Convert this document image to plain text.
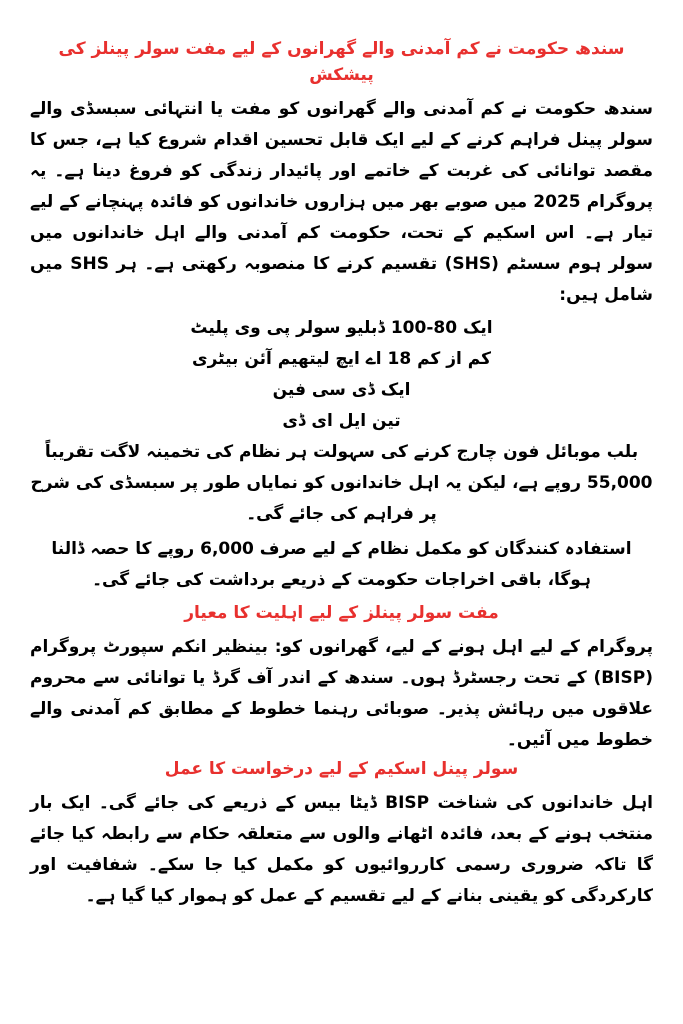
سندھ حکومت نے کم آمدنی والے گھرانوں کے لیے مفت سولر پینلز کی پیشکش

سندھ حکومت نے کم آمدنی والے گھرانوں کو مفت یا انتہائی سبسڈی والے سولر پینل فراہم کرنے کے لیے ایک قابل تحسین اقدام شروع کیا ہے، جس کا مقصد توانائی کی غربت کے خاتمے اور پائیدار زندگی کو فروغ دینا ہے۔ یہ پروگرام 2025 میں صوبے بھر میں ہزاروں خاندانوں کو فائدہ پہنچانے کے لیے تیار ہے۔ اس اسکیم کے تحت، حکومت کم آمدنی والے اہل خاندانوں میں سولر ہوم سسٹم (SHS) تقسیم کرنے کا منصوبہ رکھتی ہے۔ ہر SHS میں شامل ہیں:

ایک 80-100 ڈبلیو سولر پی وی پلیٹ
کم از کم 18 اے ایچ لیتھیم آئن بیٹری
ایک ڈی سی فین
تین ایل ای ڈی

بلب موبائل فون چارج کرنے کی سہولت ہر نظام کی تخمینہ لاگت تقریباً 55,000 روپے ہے، لیکن یہ اہل خاندانوں کو نمایاں طور پر سبسڈی کی شرح پر فراہم کی جائے گی۔

استفادہ کنندگان کو مکمل نظام کے لیے صرف 6,000 روپے کا حصہ ڈالنا ہوگا، باقی اخراجات حکومت کے ذریعے برداشت کی جائے گی۔

مفت سولر پینلز کے لیے اہلیت کا معیار

پروگرام کے لیے اہل ہونے کے لیے، گھرانوں کو: بینظیر انکم سپورٹ پروگرام (BISP) کے تحت رجسٹرڈ ہوں۔ سندھ کے اندر آف گرڈ یا توانائی سے محروم علاقوں میں رہائش پذیر۔ صوبائی رہنما خطوط کے مطابق کم آمدنی والے خطوط میں آئیں۔

سولر پینل اسکیم کے لیے درخواست کا عمل

اہل خاندانوں کی شناخت BISP ڈیٹا بیس کے ذریعے کی جائے گی۔ ایک بار منتخب ہونے کے بعد، فائدہ اٹھانے والوں سے متعلقہ حکام سے رابطہ کیا جائے گا تاکہ ضروری رسمی کارروائیوں کو مکمل کیا جا سکے۔ شفافیت اور کارکردگی کو یقینی بنانے کے لیے تقسیم کے عمل کو ہموار کیا گیا ہے۔
